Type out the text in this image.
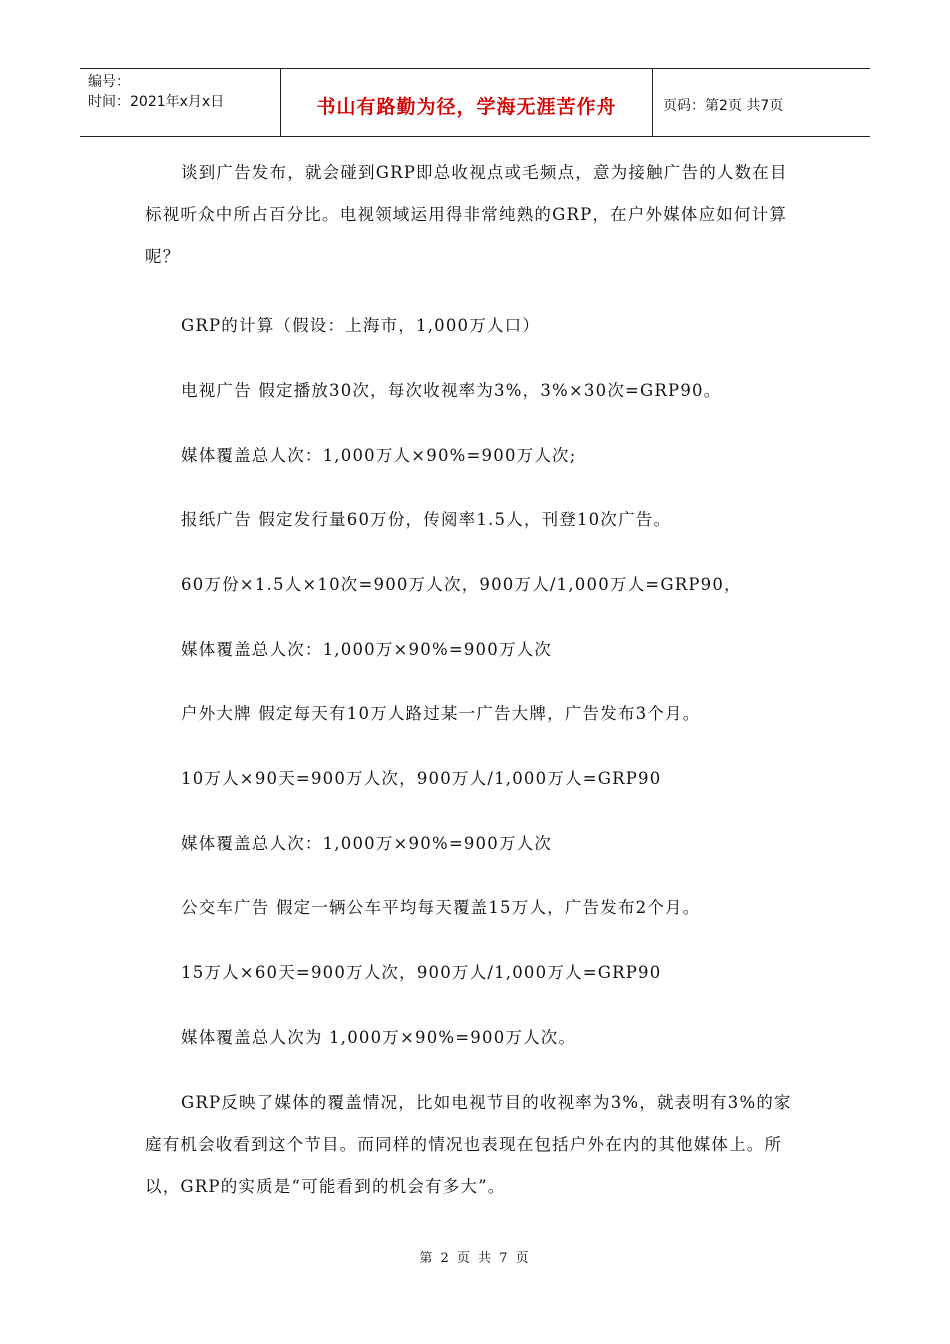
编号：
时间：2021年x月x日	书山有路勤为径，学海无涯苦作舟	页码：第2页 共7页

谈到广告发布，就会碰到GRP即总收视点或毛频点，意为接触广告的人数在目标视听众中所占百分比。电视领域运用得非常纯熟的GRP，在户外媒体应如何计算呢？

GRP的计算（假设：上海市，1,000万人口）

电视广告 假定播放30次，每次收视率为3%，3%×30次=GRP90。

媒体覆盖总人次：1,000万人×90%=900万人次;

报纸广告 假定发行量60万份，传阅率1.5人，刊登10次广告。

60万份×1.5人×10次=900万人次，900万人/1,000万人=GRP90，

媒体覆盖总人次：1,000万×90%=900万人次

户外大牌 假定每天有10万人路过某一广告大牌，广告发布3个月。

10万人×90天=900万人次，900万人/1,000万人=GRP90

媒体覆盖总人次：1,000万×90%=900万人次

公交车广告 假定一辆公车平均每天覆盖15万人，广告发布2个月。

15万人×60天=900万人次，900万人/1,000万人=GRP90

媒体覆盖总人次为 1,000万×90%=900万人次。

GRP反映了媒体的覆盖情况，比如电视节目的收视率为3%，就表明有3%的家庭有机会收看到这个节目。而同样的情况也表现在包括户外在内的其他媒体上。所以，GRP的实质是“可能看到的机会有多大”。

第 2 页 共 7 页
